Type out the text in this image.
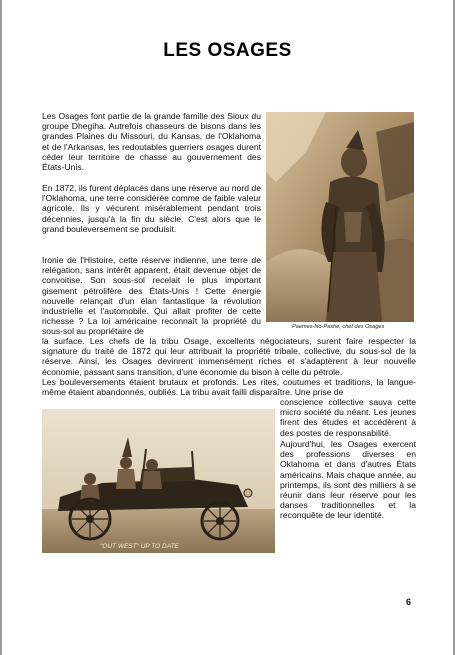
LES OSAGES

Les Osages font partie de la grande famille des Sioux du groupe Dhegiha. Autrefois chasseurs de bisons dans les grandes Plaines du Missouri, du Kansas, de l'Oklahoma et de l'Arkansas, les redoutables guerriers osages durent céder leur territoire de chasse au gouvernement des États-Unis.

En 1872, ils furent déplacés dans une réserve au nord de l'Oklahoma, une terre considérée comme de faible valeur agricole. Ils y vécurent misérablement pendant trois décennies, jusqu'à la fin du siècle. C'est alors que le grand bouleversement se produisit.

Ironie de l'Histoire, cette réserve indienne, une terre de relégation, sans intérêt apparent, était devenue objet de convoitise. Son sous-sol recelait le plus important gisement pétrolifère des États-Unis ! Cette énergie nouvelle relançait d'un élan fantastique la révolution industrielle et l'automobile. Qui allait profiter de cette richesse ? La loi américaine reconnaît la propriété du sous-sol au propriétaire de

la surface. Les chefs de la tribu Osage, excellents négociateurs, surent faire respecter la signature du traité de 1872 qui leur attribuait la propriété tribale, collective, du sous-sol de la réserve. Ainsi, les Osages devinrent immensément riches et s'adaptèrent à leur nouvelle économie, passant sans transition, d'une économie du bison à celle du pétrole.

Les bouleversements étaient brutaux et profonds. Les rites, coutumes et traditions, la langue-même étaient abandonnés, oubliés. La tribu avait failli disparaître. Une prise de

conscience collective sauva cette micro société du néant. Les jeunes firent des études et accédèrent à des postes de responsabilité.

Aujourd'hui, les Osages exercent des professions diverses en Oklahoma et dans d'autres États américains. Mais chaque année, au printemps, ils sont des milliers à se réunir dans leur réserve pour les danses traditionnelles et la reconquête de leur identité.

Paemes-No-Pashe, chef des Osages
"OUT WEST" UP TO DATE
6
